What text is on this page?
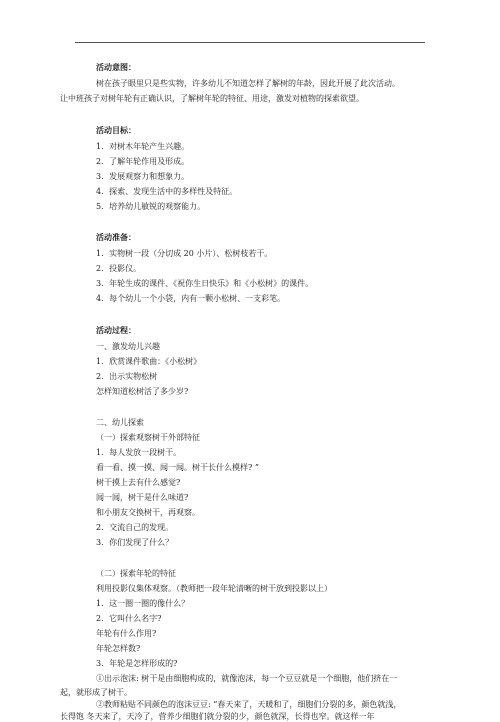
活动意图：
树在孩子眼里只是些实物，许多幼儿不知道怎样了解树的年龄，因此开展了此次活动。
让中班孩子对树年轮有正确认识，了解树年轮的特征、用途，激发对植物的探索欲望。
活动目标：
1．对树木年轮产生兴趣。
2．了解年轮作用及形成。
3．发展观察力和想象力。
4．探索、发现生活中的多样性及特征。
5．培养幼儿敏锐的观察能力。
活动准备：
1．实物树一段（分切成 20 小片）、松树枝若干。
2．投影仪。
3．年轮生成的课件、《祝你生日快乐》和《小松树》的课件。
4．每个幼儿一个小袋，内有一颗小松树、一支彩笔。
活动过程：
一、激发幼儿兴趣
1．欣赏课件歌曲：《小松树》
2．出示实物松树
怎样知道松树活了多少岁?
二、幼儿探索
（一）探索观察树干外部特征
1．每人发放一段树干。
看一看、摸一摸、闻一闻。树干长什么模样? ”
树干摸上去有什么感觉?
闻一闻，树干是什么味道?
和小朋友交换树干，再观察。
2．交流自己的发现。
3．你们发现了什么？
（二）探索年轮的特征
利用投影仪集体观察。（教师把一段年轮清晰的树干放到投影以上）
1．这一圈一圈的像什么？
2．它叫什么名字?
年轮有什么作用?
年轮怎样数?
3．年轮是怎样形成的?
①出示泡沫: 树干是由细胞构成的，就像泡沫，每一个豆豆就是一个细胞，他们挤在一
起，就形成了树干。
②教师粘贴不同颜色的泡沫豆豆: “春天来了，天暖和了，细胞们分裂的多，颜色就浅，
长得饱 冬天来了，天冷了，营养少细胞们就分裂的少，颜色就深，长得也窄。就这样一年
